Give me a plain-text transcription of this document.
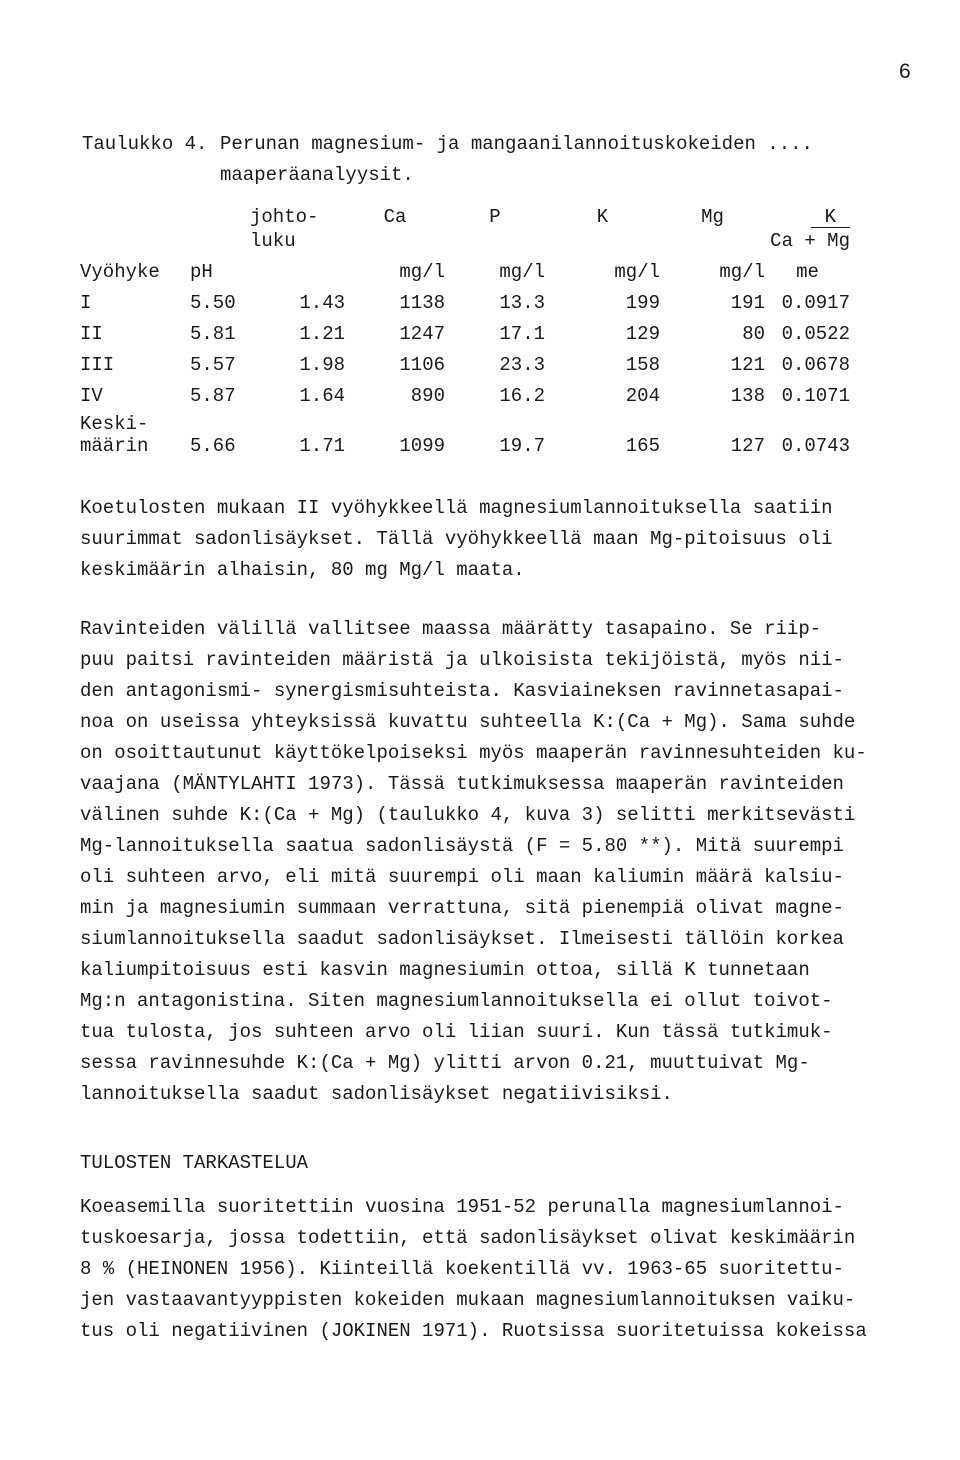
6
Taulukko 4. Perunan magnesium- ja mangaanilannoituskokeiden ....
maaperäanalyysit.

		johto-	Ca	P	K	Mg	K
		luku					Ca + Mg
Vyöhyke	pH		mg/l	mg/l	mg/l	mg/l	me
I	5.50	1.43	1138	13.3	199	191	0.0917
II	5.81	1.21	1247	17.1	129	80	0.0522
III	5.57	1.98	1106	23.3	158	121	0.0678
IV	5.87	1.64	890	16.2	204	138	0.1071

Keski-
määrin	5.66	1.71	1099	19.7	165	127	0.0743
Koetulosten mukaan II vyöhykkeellä magnesiumlannoituksella saatiin
suurimmat sadonlisäykset. Tällä vyöhykkeellä maan Mg-pitoisuus oli
keskimäärin alhaisin, 80 mg Mg/l maata.
Ravinteiden välillä vallitsee maassa määrätty tasapaino. Se riip-
puu paitsi ravinteiden määristä ja ulkoisista tekijöistä, myös nii-
den antagonismi- synergismisuhteista. Kasviaineksen ravinnetasapai-
noa on useissa yhteyksissä kuvattu suhteella K:(Ca + Mg). Sama suhde
on osoittautunut käyttökelpoiseksi myös maaperän ravinnesuhteiden ku-
vaajana (MÄNTYLAHTI 1973). Tässä tutkimuksessa maaperän ravinteiden
välinen suhde K:(Ca + Mg) (taulukko 4, kuva 3) selitti merkitsevästi
Mg-lannoituksella saatua sadonlisäystä (F = 5.80 **). Mitä suurempi
oli suhteen arvo, eli mitä suurempi oli maan kaliumin määrä kalsiu-
min ja magnesiumin summaan verrattuna, sitä pienempiä olivat magne-
siumlannoituksella saadut sadonlisäykset. Ilmeisesti tällöin korkea
kaliumpitoisuus esti kasvin magnesiumin ottoa, sillä K tunnetaan
Mg:n antagonistina. Siten magnesiumlannoituksella ei ollut toivot-
tua tulosta, jos suhteen arvo oli liian suuri. Kun tässä tutkimuk-
sessa ravinnesuhde K:(Ca + Mg) ylitti arvon 0.21, muuttuivat Mg-
lannoituksella saadut sadonlisäykset negatiivisiksi.
TULOSTEN TARKASTELUA
Koeasemilla suoritettiin vuosina 1951-52 perunalla magnesiumlannoi-
tuskoesarja, jossa todettiin, että sadonlisäykset olivat keskimäärin
8 % (HEINONEN 1956). Kiinteillä koekentillä vv. 1963-65 suoritettu-
jen vastaavantyyppisten kokeiden mukaan magnesiumlannoituksen vaiku-
tus oli negatiivinen (JOKINEN 1971). Ruotsissa suoritetuissa kokeissa
